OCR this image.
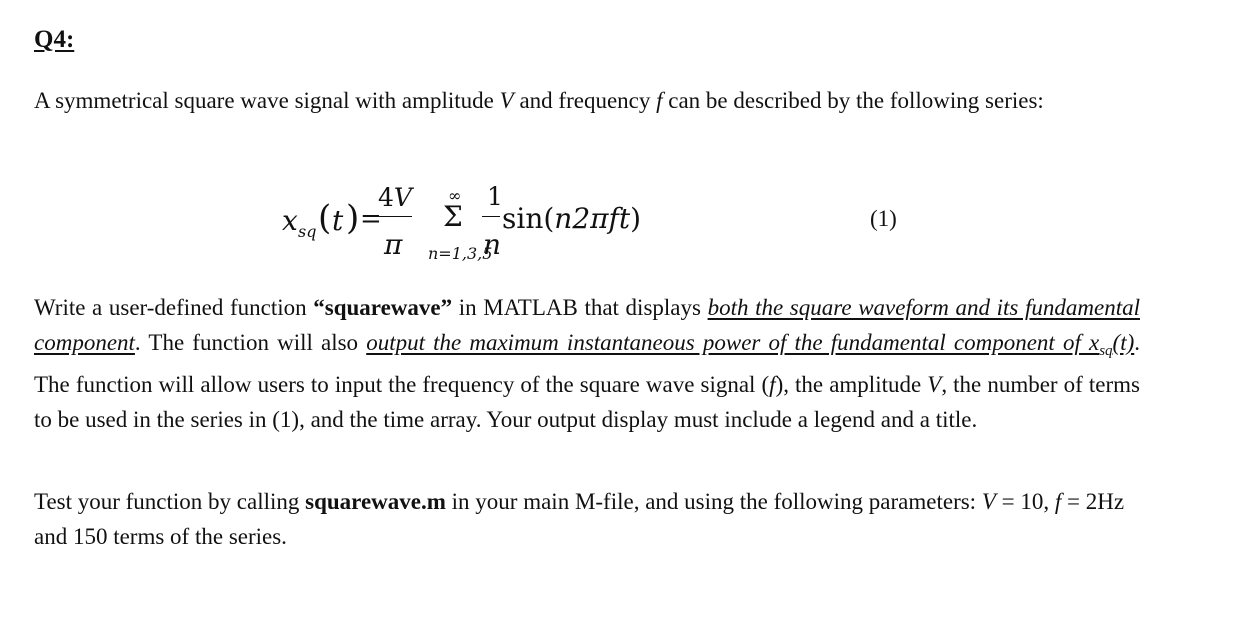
Q4:
A symmetrical square wave signal with amplitude V and frequency f can be described by the following series:
x sq ( t ) =
4V
π
∞
Σ
n=1,3,5
1
n
sin(n2πft)	(1)
Write a user-defined function “squarewave” in MATLAB that displays both the square waveform and its fundamental component. The function will also output the maximum instantaneous power of the fundamental component of $x_{sq}(t)$. The function will allow users to input the frequency of the square wave signal (f), the amplitude V, the number of terms to be used in the series in (1), and the time array. Your output display must include a legend and a title.
Test your function by calling squarewave.m in your main M-file, and using the following parameters: V = 10, f = 2Hz and 150 terms of the series.
